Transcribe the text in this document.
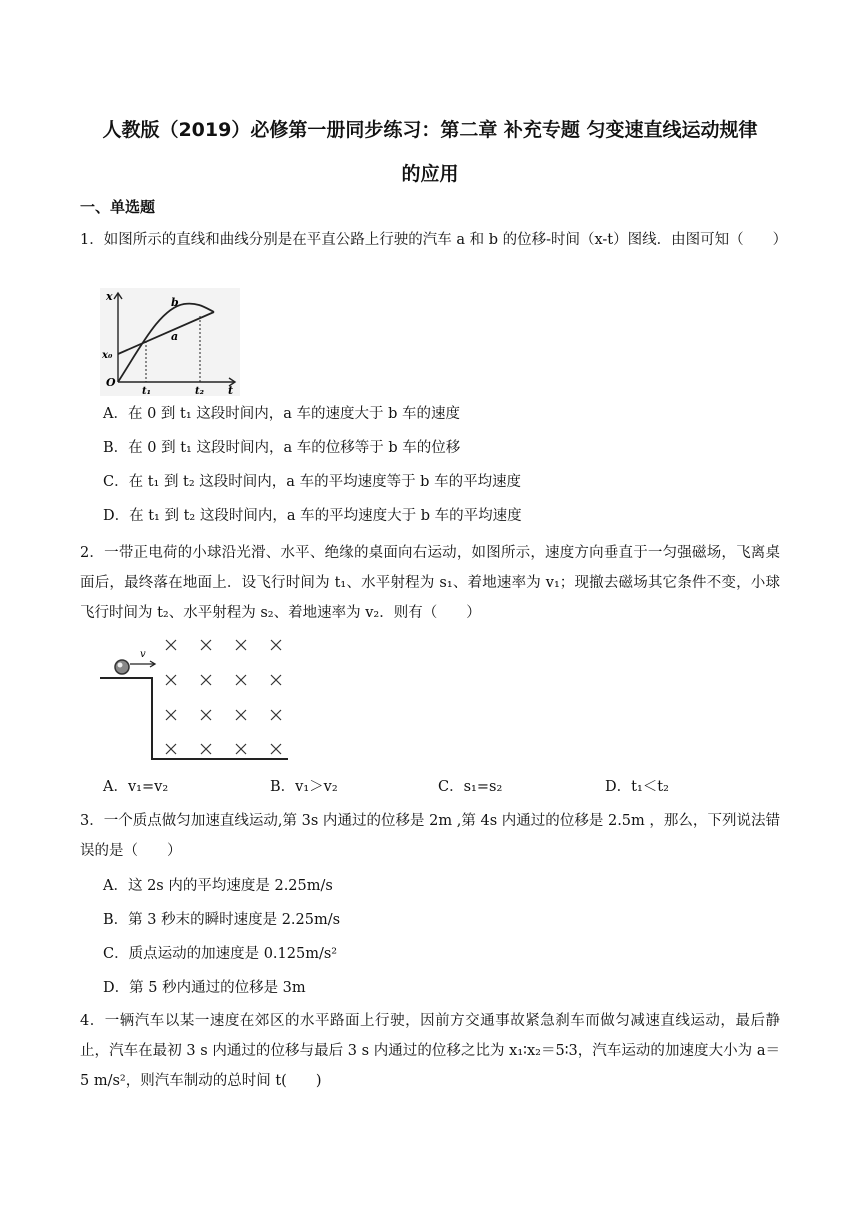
人教版（2019）必修第一册同步练习：第二章 补充专题 匀变速直线运动规律
的应用
一、单选题
1．如图所示的直线和曲线分别是在平直公路上行驶的汽车 a 和 b 的位移-时间（x-t）图线．由图可知（　　）
x
t
x₀
O
t₁	t₂
a
b
A．在 0 到 t₁ 这段时间内，a 车的速度大于 b 车的速度
B．在 0 到 t₁ 这段时间内，a 车的位移等于 b 车的位移
C．在 t₁ 到 t₂ 这段时间内，a 车的平均速度等于 b 车的平均速度
D．在 t₁ 到 t₂ 这段时间内，a 车的平均速度大于 b 车的平均速度
2．一带正电荷的小球沿光滑、水平、绝缘的桌面向右运动，如图所示，速度方向垂直于一匀强磁场，飞离桌面后，最终落在地面上．设飞行时间为 t₁、水平射程为 s₁、着地速率为 v₁；现撤去磁场其它条件不变，小球飞行时间为 t₂、水平射程为 s₂、着地速率为 v₂．则有（　　）
v
A．v₁=v₂	B．v₁＞v₂	C．s₁=s₂	D．t₁＜t₂
3．一个质点做匀加速直线运动,第 3s 内通过的位移是 2m ,第 4s 内通过的位移是 2.5m ，那么，下列说法错误的是（　　）
A．这 2s 内的平均速度是 2.25m/s
B．第 3 秒末的瞬时速度是 2.25m/s
C．质点运动的加速度是 0.125m/s²
D．第 5 秒内通过的位移是 3m
4．一辆汽车以某一速度在郊区的水平路面上行驶，因前方交通事故紧急刹车而做匀减速直线运动，最后静止，汽车在最初 3 s 内通过的位移与最后 3 s 内通过的位移之比为 x₁∶x₂＝5∶3，汽车运动的加速度大小为 a＝5 m/s²，则汽车制动的总时间 t(　　)
